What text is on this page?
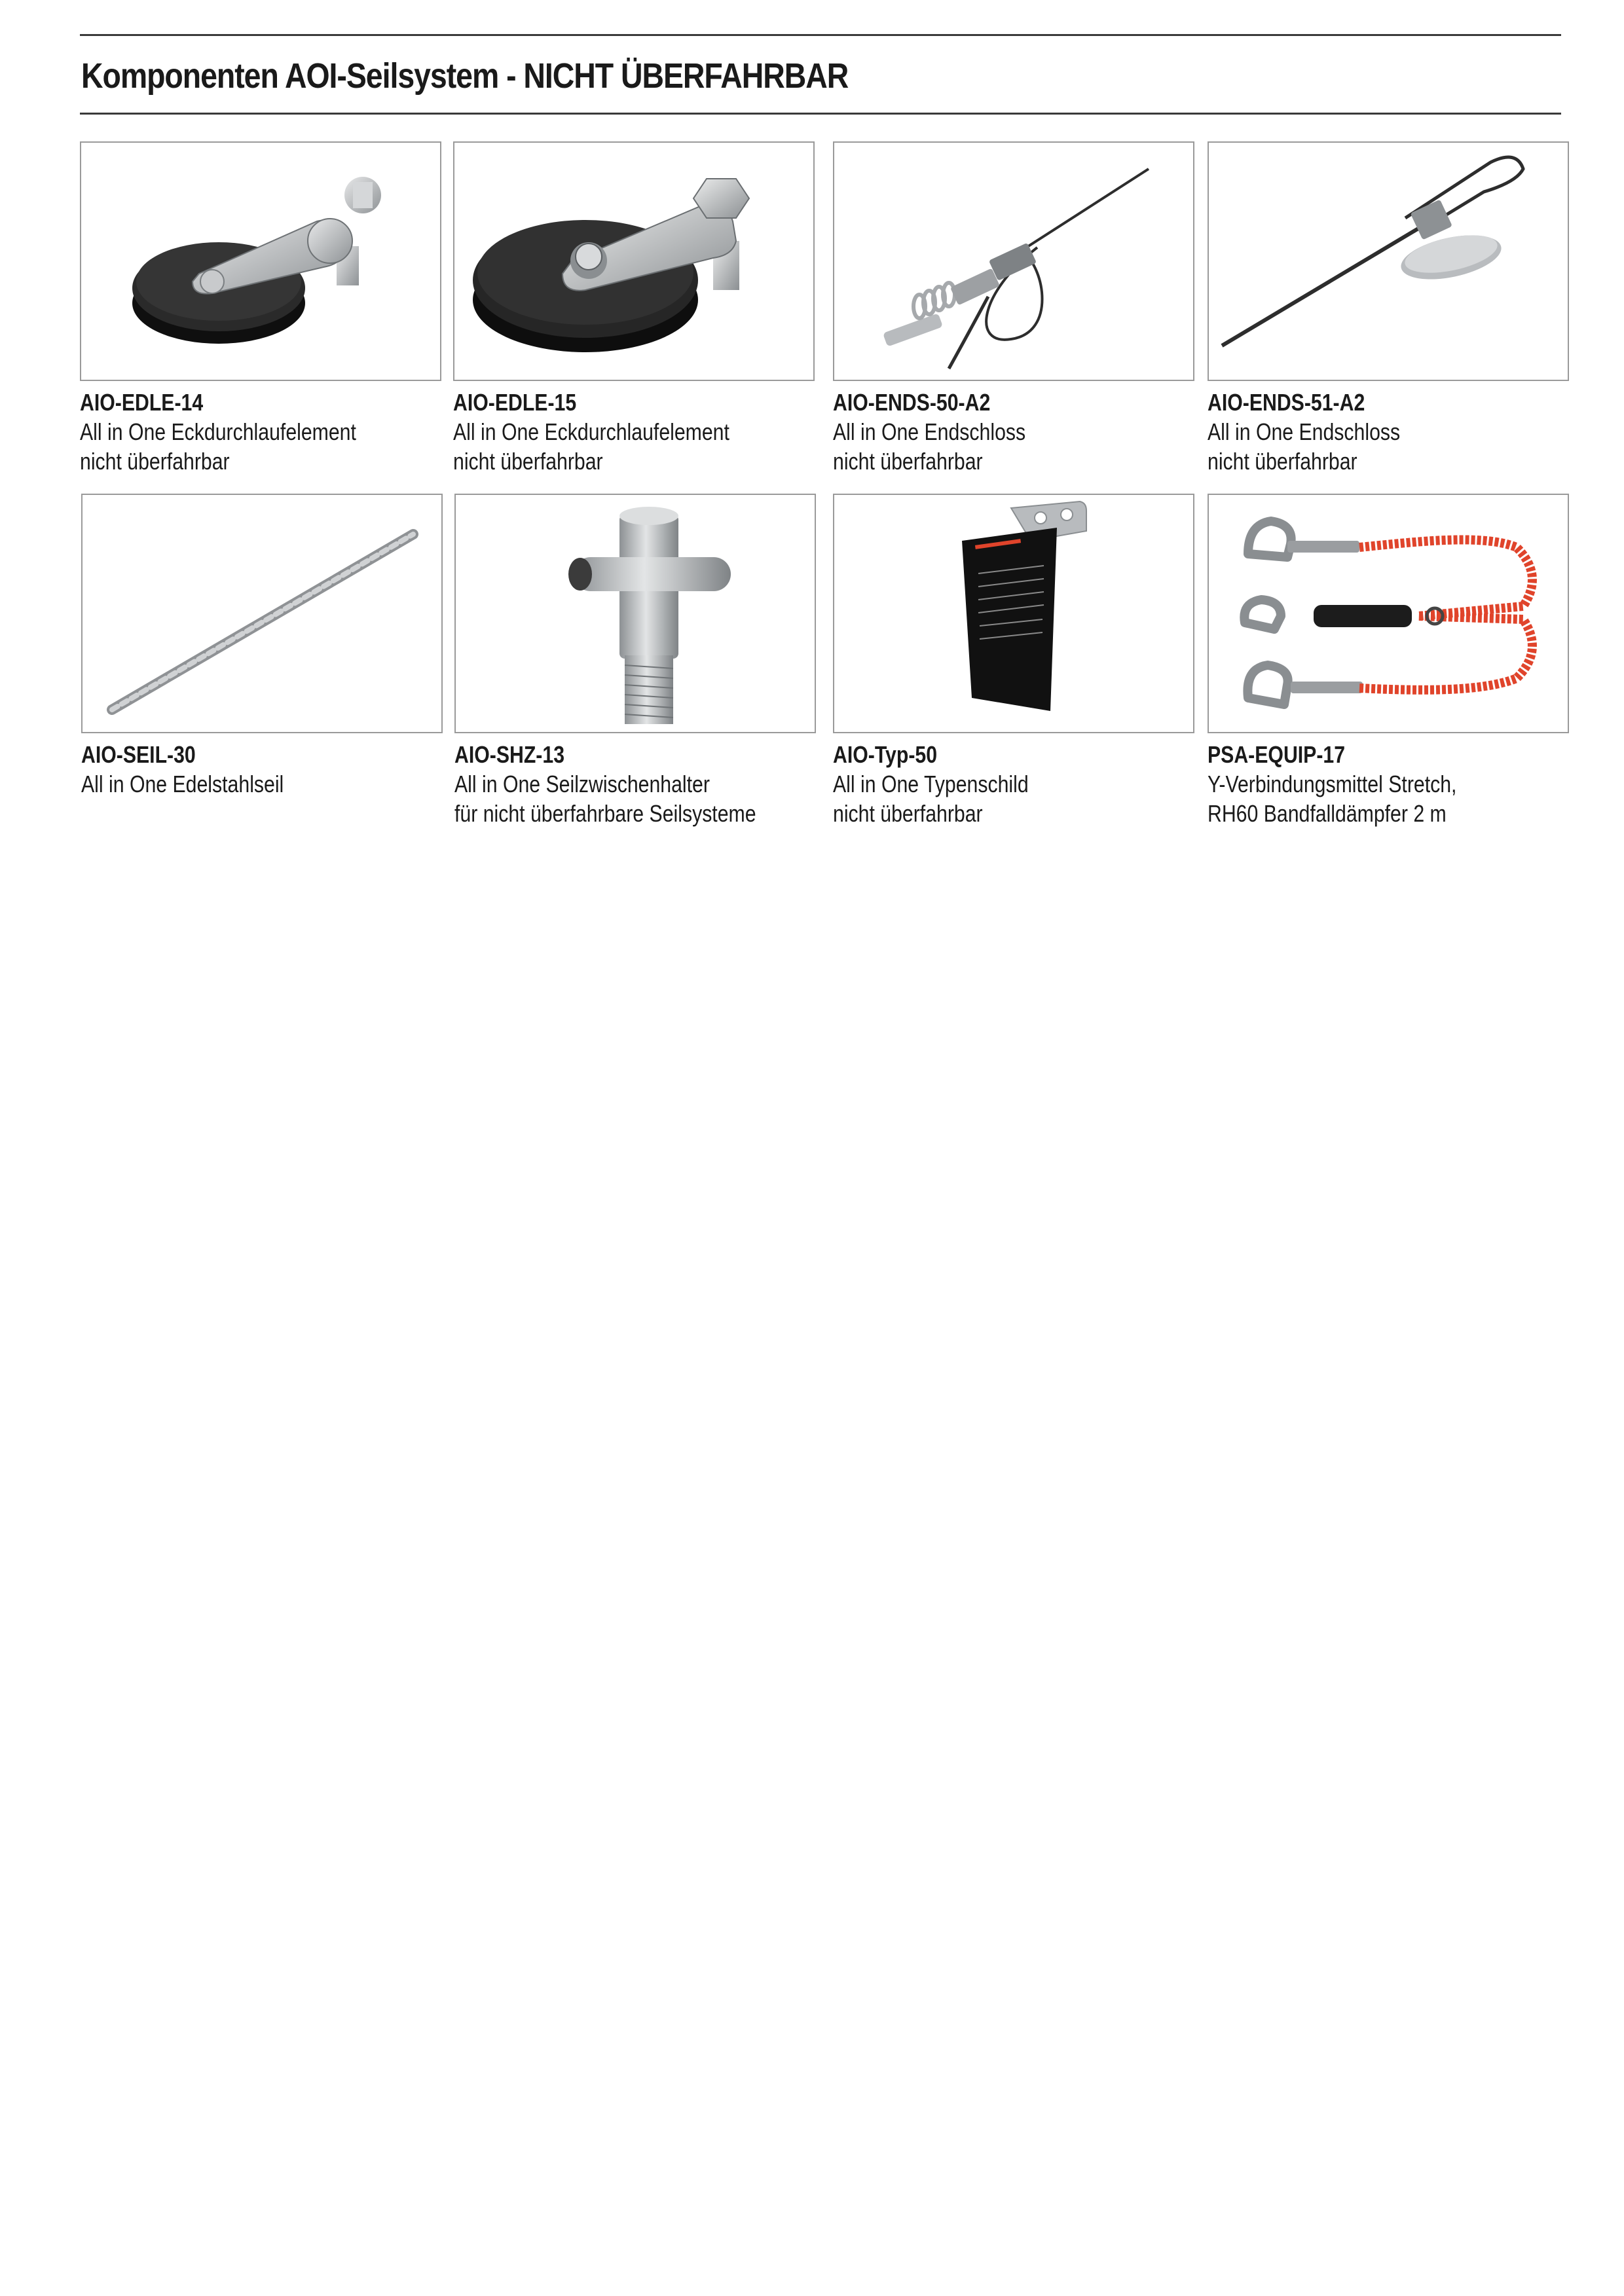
Komponenten AOI-Seilsystem - NICHT ÜBERFAHRBAR
AIO-EDLE-14
All in One Eckdurchlaufelement
nicht überfahrbar
AIO-EDLE-15
All in One Eckdurchlaufelement
nicht überfahrbar
AIO-ENDS-50-A2
All in One Endschloss
nicht überfahrbar
AIO-ENDS-51-A2
All in One Endschloss
nicht überfahrbar
AIO-SEIL-30
All in One Edelstahlseil
AIO-SHZ-13
All in One Seilzwischenhalter
für nicht überfahrbare Seilsysteme
AIO-Typ-50
All in One Typenschild
nicht überfahrbar
PSA-EQUIP-17
Y-Verbindungsmittel Stretch,
RH60 Bandfalldämpfer 2 m
